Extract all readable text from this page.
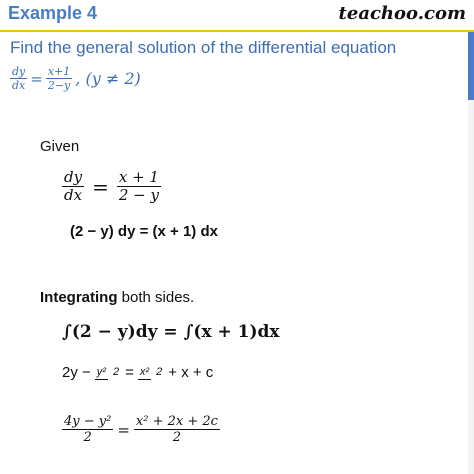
Example 4	teachoo.com
Find the general solution of the differential equation
$\frac{dy}{dx} = \frac{x+1}{2-y}$ , (y ≠ 2)
Given
$\frac{dy}{dx} = \frac{x + 1}{2 - y}$
(2 − y) dy = (x + 1) dx
Integrating both sides.
∫(2 − y)dy = ∫(x + 1)dx
2y − y² 2 = x² 2 + x + c
$\frac{\text{4y − y²}}{2} = \frac{\text{x² + 2x + 2c}}{2}$
